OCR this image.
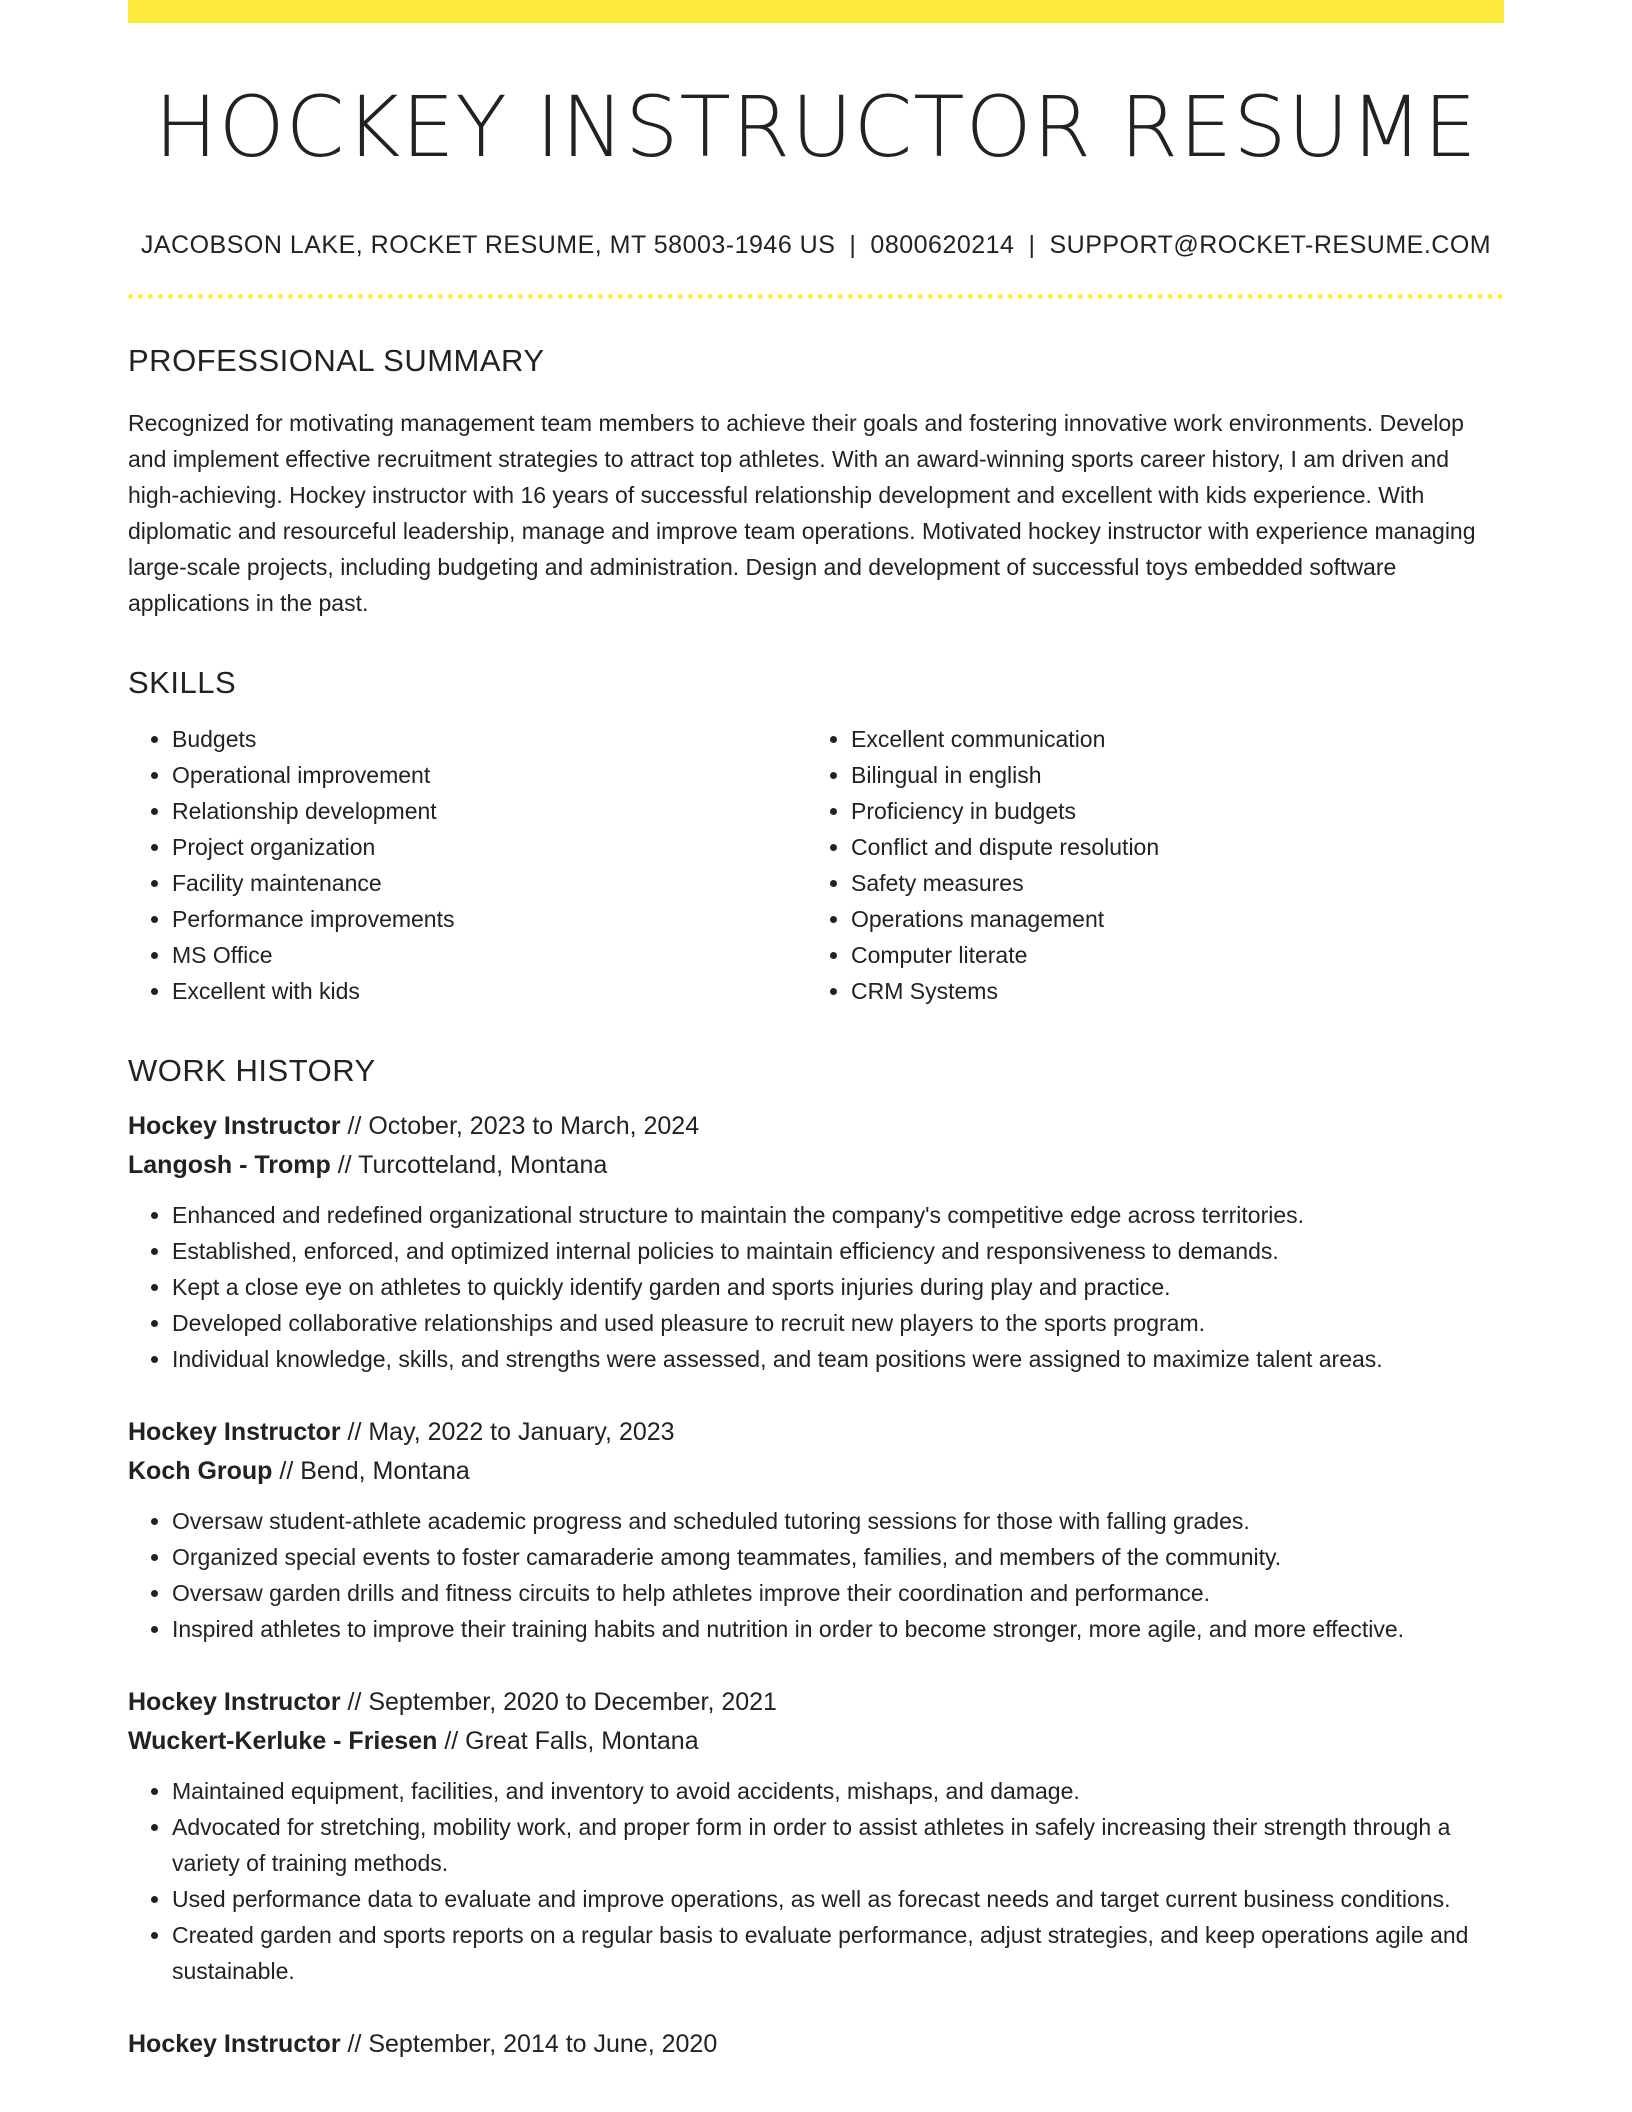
HOCKEY INSTRUCTOR RESUME
JACOBSON LAKE, ROCKET RESUME, MT 58003-1946 US | 0800620214 | SUPPORT@ROCKET-RESUME.COM
PROFESSIONAL SUMMARY

Recognized for motivating management team members to achieve their goals and fostering innovative work environments. Develop and implement effective recruitment strategies to attract top athletes. With an award-winning sports career history, I am driven and high-achieving. Hockey instructor with 16 years of successful relationship development and excellent with kids experience. With diplomatic and resourceful leadership, manage and improve team operations. Motivated hockey instructor with experience managing large-scale projects, including budgeting and administration. Design and development of successful toys embedded software applications in the past.

SKILLS
• Budgets
• Operational improvement
• Relationship development
• Project organization
• Facility maintenance
• Performance improvements
• MS Office
• Excellent with kids
• Excellent communication
• Bilingual in english
• Proficiency in budgets
• Conflict and dispute resolution
• Safety measures
• Operations management
• Computer literate
• CRM Systems
WORK HISTORY
Hockey Instructor // October, 2023 to March, 2024
Langosh - Tromp // Turcotteland, Montana
• Enhanced and redefined organizational structure to maintain the company's competitive edge across territories.
• Established, enforced, and optimized internal policies to maintain efficiency and responsiveness to demands.
• Kept a close eye on athletes to quickly identify garden and sports injuries during play and practice.
• Developed collaborative relationships and used pleasure to recruit new players to the sports program.
• Individual knowledge, skills, and strengths were assessed, and team positions were assigned to maximize talent areas.
Hockey Instructor // May, 2022 to January, 2023
Koch Group // Bend, Montana
• Oversaw student-athlete academic progress and scheduled tutoring sessions for those with falling grades.
• Organized special events to foster camaraderie among teammates, families, and members of the community.
• Oversaw garden drills and fitness circuits to help athletes improve their coordination and performance.
• Inspired athletes to improve their training habits and nutrition in order to become stronger, more agile, and more effective.
Hockey Instructor // September, 2020 to December, 2021
Wuckert-Kerluke - Friesen // Great Falls, Montana
• Maintained equipment, facilities, and inventory to avoid accidents, mishaps, and damage.
• Advocated for stretching, mobility work, and proper form in order to assist athletes in safely increasing their strength through a variety of training methods.
• Used performance data to evaluate and improve operations, as well as forecast needs and target current business conditions.
• Created garden and sports reports on a regular basis to evaluate performance, adjust strategies, and keep operations agile and sustainable.
Hockey Instructor // September, 2014 to June, 2020
